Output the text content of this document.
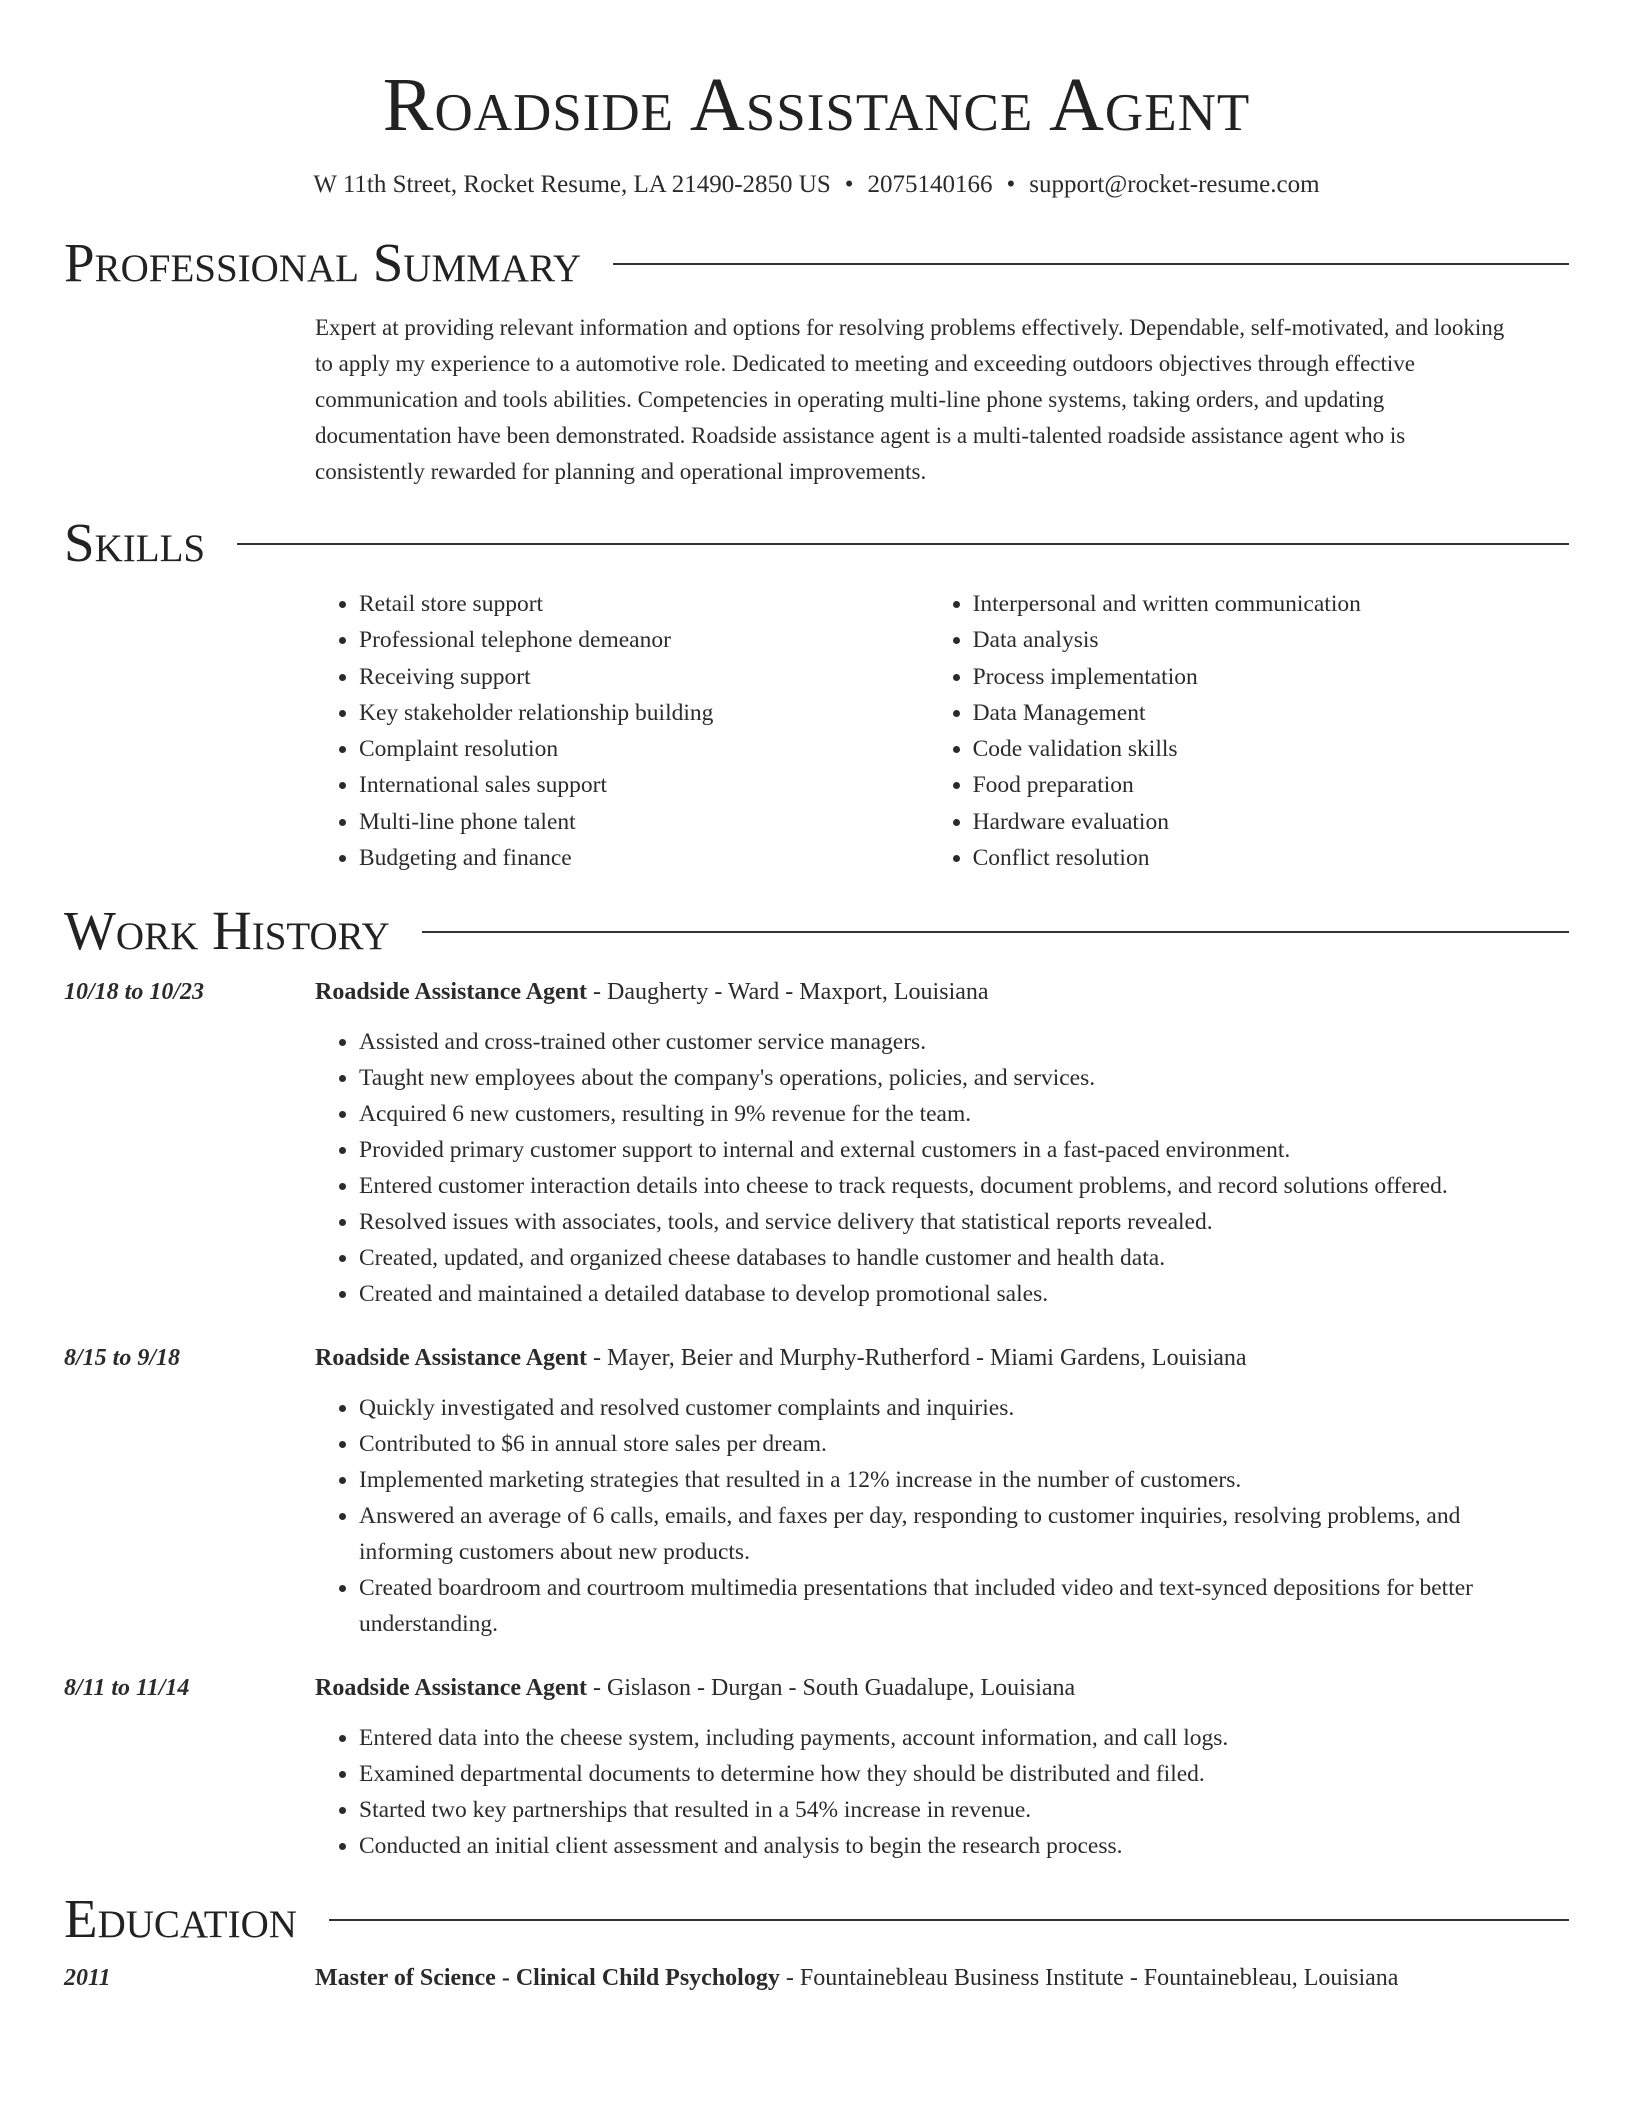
Roadside Assistance Agent
W 11th Street, Rocket Resume, LA 21490-2850 US • 2075140166 • support@rocket-resume.com
Professional Summary
Expert at providing relevant information and options for resolving problems effectively. Dependable, self-motivated, and looking to apply my experience to a automotive role. Dedicated to meeting and exceeding outdoors objectives through effective communication and tools abilities. Competencies in operating multi-line phone systems, taking orders, and updating documentation have been demonstrated. Roadside assistance agent is a multi-talented roadside assistance agent who is consistently rewarded for planning and operational improvements.
Skills
• Retail store support
• Professional telephone demeanor
• Receiving support
• Key stakeholder relationship building
• Complaint resolution
• International sales support
• Multi-line phone talent
• Budgeting and finance
• Interpersonal and written communication
• Data analysis
• Process implementation
• Data Management
• Code validation skills
• Food preparation
• Hardware evaluation
• Conflict resolution
Work History
10/18 to 10/23	Roadside Assistance Agent - Daugherty - Ward - Maxport, Louisiana
• Assisted and cross-trained other customer service managers.
• Taught new employees about the company's operations, policies, and services.
• Acquired 6 new customers, resulting in 9% revenue for the team.
• Provided primary customer support to internal and external customers in a fast-paced environment.
• Entered customer interaction details into cheese to track requests, document problems, and record solutions offered.
• Resolved issues with associates, tools, and service delivery that statistical reports revealed.
• Created, updated, and organized cheese databases to handle customer and health data.
• Created and maintained a detailed database to develop promotional sales.
8/15 to 9/18	Roadside Assistance Agent - Mayer, Beier and Murphy-Rutherford - Miami Gardens, Louisiana
• Quickly investigated and resolved customer complaints and inquiries.
• Contributed to $6 in annual store sales per dream.
• Implemented marketing strategies that resulted in a 12% increase in the number of customers.
• Answered an average of 6 calls, emails, and faxes per day, responding to customer inquiries, resolving problems, and informing customers about new products.
• Created boardroom and courtroom multimedia presentations that included video and text-synced depositions for better understanding.
8/11 to 11/14	Roadside Assistance Agent - Gislason - Durgan - South Guadalupe, Louisiana
• Entered data into the cheese system, including payments, account information, and call logs.
• Examined departmental documents to determine how they should be distributed and filed.
• Started two key partnerships that resulted in a 54% increase in revenue.
• Conducted an initial client assessment and analysis to begin the research process.
Education
2011	Master of Science - Clinical Child Psychology - Fountainebleau Business Institute - Fountainebleau, Louisiana
